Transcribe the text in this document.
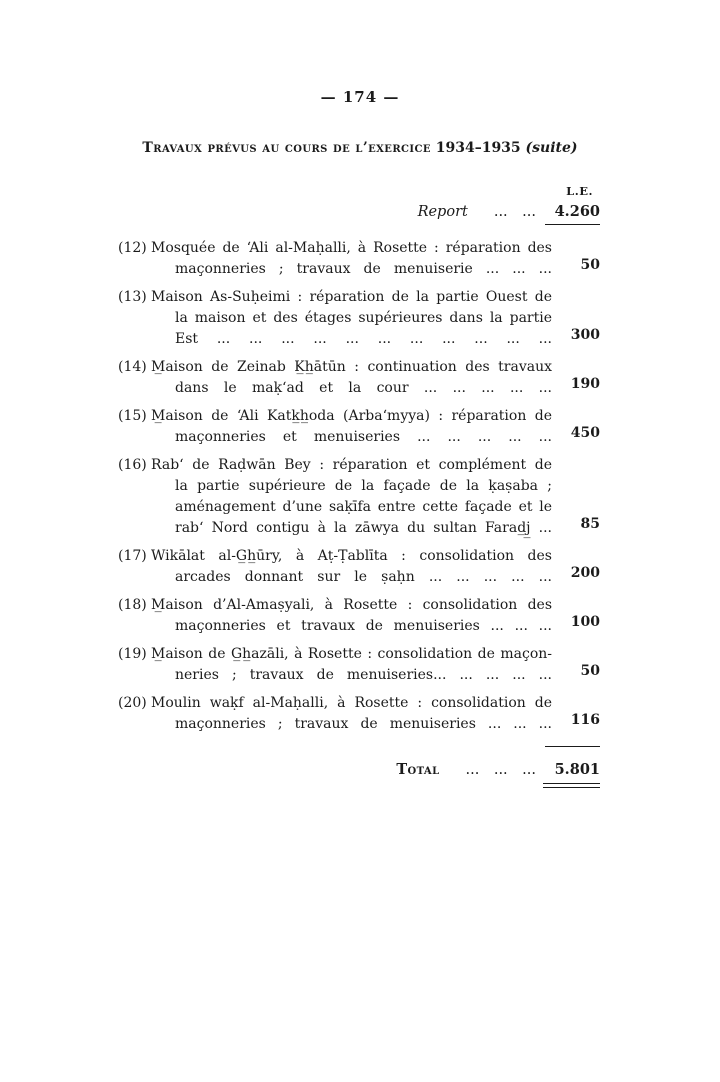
— 174 —
Travaux prévus au cours de l’exercice 1934–1935 (suite)
L.E.
Report ... ...	4.260
(12) Mosquée de ‘Ali al-Maḥalli, à Rosette : réparation des
maçonneries ; travaux de menuiserie ... ... ...	50
(13) Maison As-Suḥeimi : réparation de la partie Ouest de
la maison et des étages supérieures dans la partie
Est ... ... ... ... ... ... ... ... ... ... ...	300
(14) M̲aison de Zeinab K̲h̲ātūn : continuation des travaux
dans le maḳ‘ad et la cour ... ... ... ... ...	190
(15) M̲aison de ‘Ali Katk̲h̲oda (Arba‘myya) : réparation de
maçonneries et menuiseries ... ... ... ... ...	450
(16) Rab‘ de Raḍwān Bey : réparation et complément de
la partie supérieure de la façade de la ḳaṣaba ;
aménagement d’une saḳīfa entre cette façade et le
rab‘ Nord contigu à la zāwya du sultan Farad̲j̲ ...	85
(17) Wikālat al-G̲h̲ūry, à Aṭ-Ṭablīta : consolidation des
arcades donnant sur le ṣaḥn ... ... ... ... ...	200
(18) M̲aison d’Al-Amaṣyali, à Rosette : consolidation des
maçonneries et travaux de menuiseries ... ... ...	100
(19) M̲aison de G̲h̲azāli, à Rosette : consolidation de maçon-
neries ; travaux de menuiseries... ... ... ... ...	50
(20) Moulin waḳf al-Maḥalli, à Rosette : consolidation de
maçonneries ; travaux de menuiseries ... ... ...	116
Total ... ... ...	5.801
